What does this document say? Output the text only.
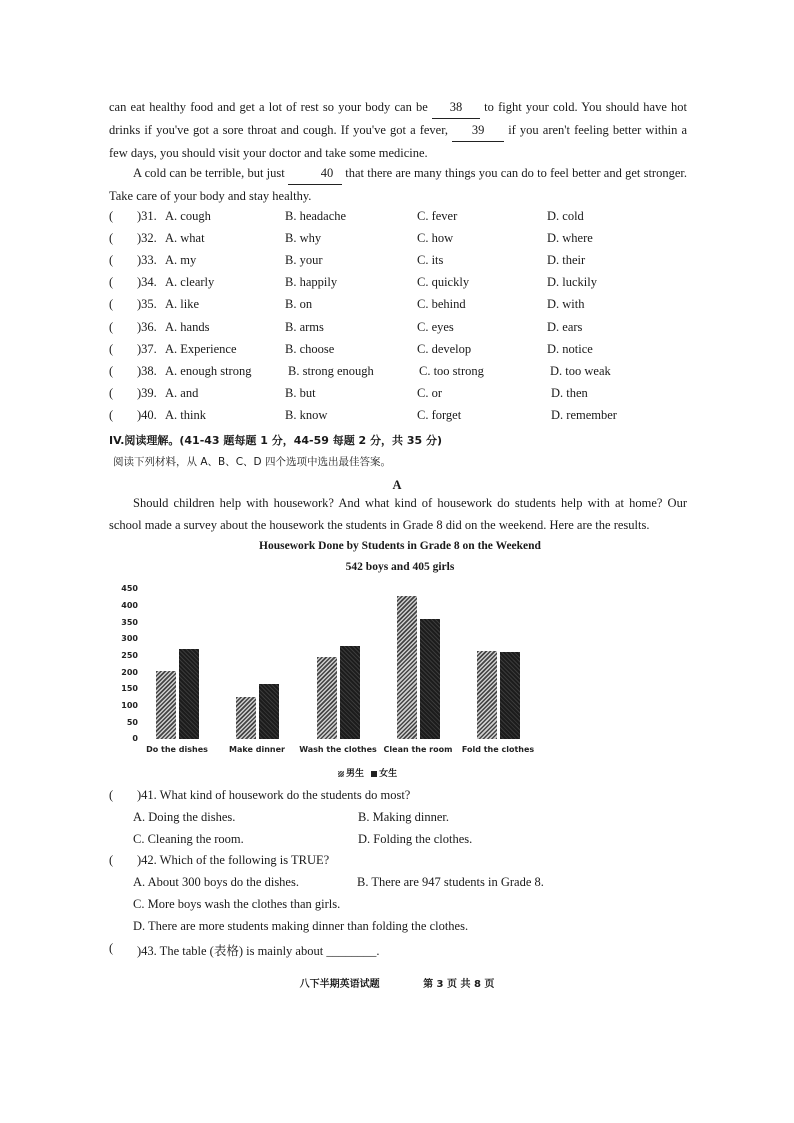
can eat healthy food and get a lot of rest so your body can be 38 to fight your cold. You should have hot drinks if you've got a sore throat and cough. If you've got a fever, 39 if you aren't feeling better within a few days, you should visit your doctor and take some medicine.
A cold can be terrible, but just	40 that there are many things you can do to feel better and get stronger. Take care of your body and stay healthy.
( )31. A. cough	B. headache	C. fever	D. cold
( )32. A. what	B. why	C. how	D. where
( )33. A. my	B. your	C. its	D. their
( )34. A. clearly	B. happily	C. quickly	D. luckily
( )35. A. like	B. on	C. behind	D. with
( )36. A. hands	B. arms	C. eyes	D. ears
( )37. A. Experience	B. choose	C. develop	D. notice
( )38. A. enough strong	B. strong enough	C. too strong	D. too weak
( )39. A. and	B. but	C. or	D. then
( )40. A. think	B. know	C. forget	D. remember
IV.阅读理解。(41-43 题每题 1 分，44-59 每题 2 分，共 35 分)
阅读下列材料，从 A、B、C、D 四个选项中选出最佳答案。
A
Should children help with housework? And what kind of housework do students help with at home? Our school made a survey about the housework the students in Grade 8 did on the weekend. Here are the results.
Housework Done by Students in Grade 8 on the Weekend
542 boys and 405 girls
450
400
350
300
250
200
150
100
50
0
Do the dishes	Make dinner	Wash the clothes Clean the room	Fold the clothes
男生 女生
( )41. What kind of housework do the students do most?
A. Doing the dishes.	B. Making dinner.
C. Cleaning the room.	D. Folding the clothes.
( )42. Which of the following is TRUE?
A. About 300 boys do the dishes.	B. There are 947 students in Grade 8.
C. More boys wash the clothes than girls.
D. There are more students making dinner than folding the clothes.
( )43. The table (表格) is mainly about ________.
八下半期英语试题	第 3 页 共 8 页
